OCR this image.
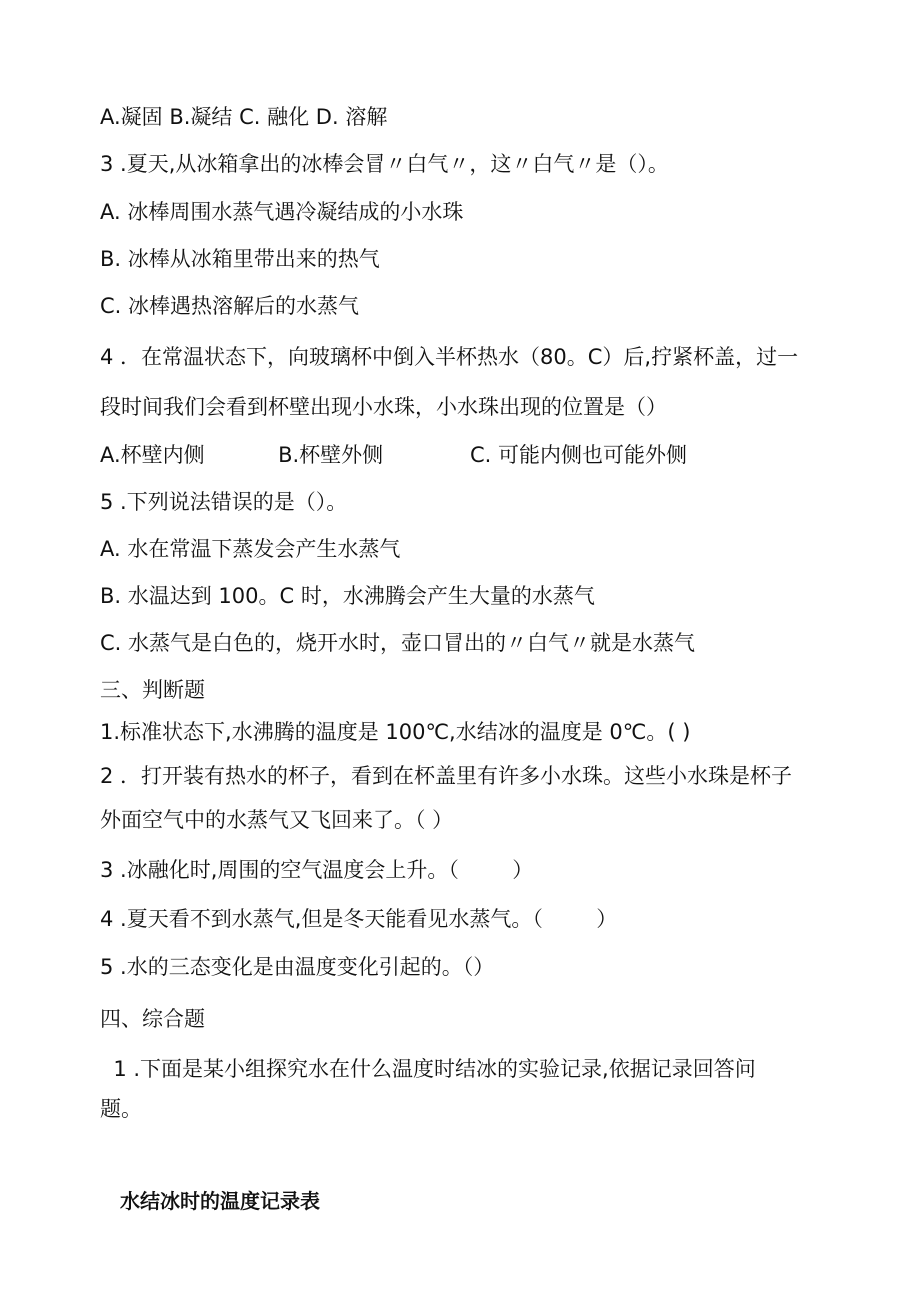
A.凝固 B.凝结 C. 融化 D. 溶解
3 .夏天,从冰箱拿出的冰棒会冒〃白气〃，这〃白气〃是（）。
A. 冰棒周围水蒸气遇冷凝结成的小水珠
B. 冰棒从冰箱里带出来的热气
C. 冰棒遇热溶解后的水蒸气
4 ．在常温状态下，向玻璃杯中倒入半杯热水（80。C）后,拧紧杯盖，过一
段时间我们会看到杯壁出现小水珠，小水珠出现的位置是（）
A.杯壁内侧           B.杯壁外侧             C. 可能内侧也可能外侧
5 .下列说法错误的是（）。
A. 水在常温下蒸发会产生水蒸气
B. 水温达到 100。C 时，水沸腾会产生大量的水蒸气
C. 水蒸气是白色的，烧开水时，壶口冒出的〃白气〃就是水蒸气
三、判断题
1.标准状态下,水沸腾的温度是 100℃,水结冰的温度是 0℃。( )
2 ．打开装有热水的杯子，看到在杯盖里有许多小水珠。这些小水珠是杯子
外面空气中的水蒸气又飞回来了。（ ）
3 .冰融化时,周围的空气温度会上升。（        ）
4 .夏天看不到水蒸气,但是冬天能看见水蒸气。（        ）
5 .水的三态变化是由温度变化引起的。（）
四、综合题
1 .下面是某小组探究水在什么温度时结冰的实验记录,依据记录回答问
题。
水结冰时的温度记录表
